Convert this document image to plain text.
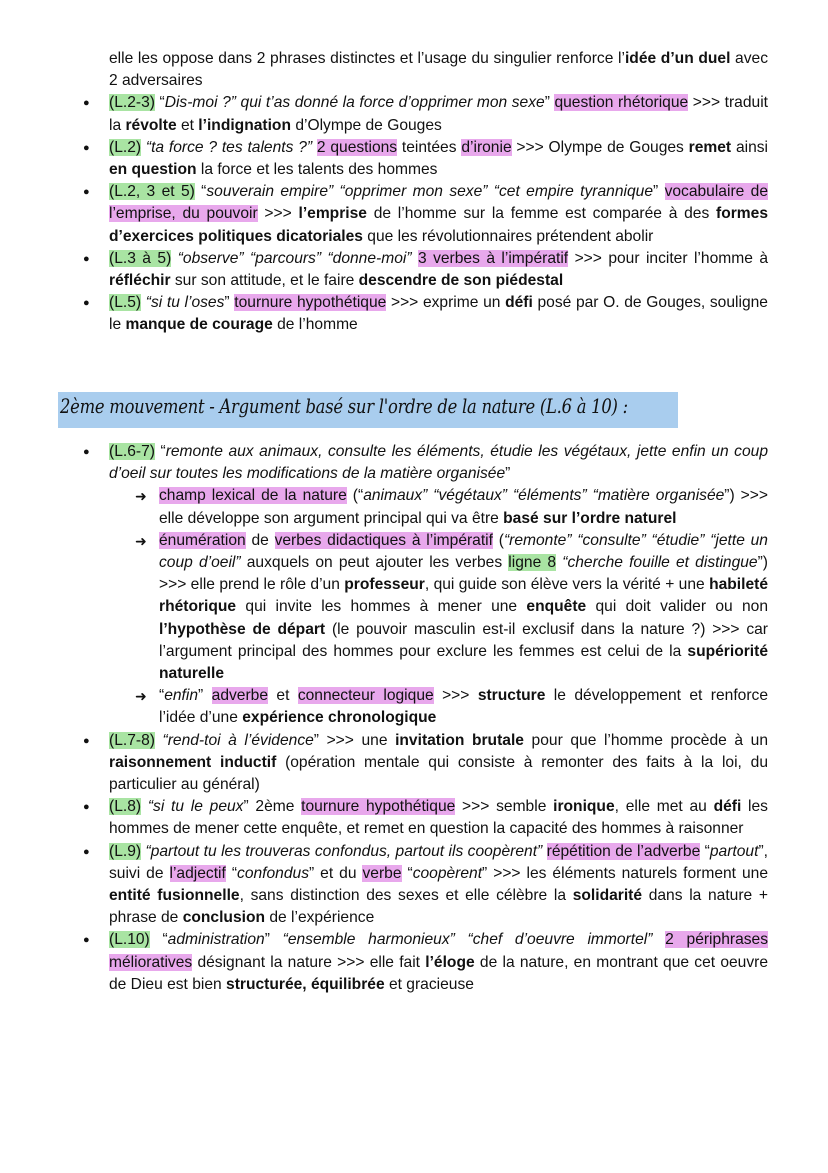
elle les oppose dans 2 phrases distinctes et l’usage du singulier renforce l’idée d’un duel avec 2 adversaires
● (L.2-3) “Dis-moi ?” qui t’as donné la force d’opprimer mon sexe” question rhétorique >>> traduit la révolte et l’indignation d’Olympe de Gouges
● (L.2) “ta force ? tes talents ?” 2 questions teintées d’ironie >>> Olympe de Gouges remet ainsi en question la force et les talents des hommes
● (L.2, 3 et 5) “souverain empire” “opprimer mon sexe” “cet empire tyrannique” vocabulaire de l’emprise, du pouvoir >>> l’emprise de l’homme sur la femme est comparée à des formes d’exercices politiques dicatoriales que les révolutionnaires prétendent abolir
● (L.3 à 5) “observe” “parcours” “donne-moi” 3 verbes à l’impératif >>> pour inciter l’homme à réfléchir sur son attitude, et le faire descendre de son piédestal
● (L.5) “si tu l’oses” tournure hypothétique >>> exprime un défi posé par O. de Gouges, souligne le manque de courage de l’homme
2ème mouvement - Argument basé sur l'ordre de la nature (L.6 à 10) :
● (L.6-7) “remonte aux animaux, consulte les éléments, étudie les végétaux, jette enfin un coup d’oeil sur toutes les modifications de la matière organisée”
➜ champ lexical de la nature (“animaux” “végétaux” “éléments” “matière organisée”) >>> elle développe son argument principal qui va être basé sur l’ordre naturel
➜ énumération de verbes didactiques à l’impératif (“remonte” “consulte” “étudie” “jette un coup d’oeil” auxquels on peut ajouter les verbes ligne 8 “cherche fouille et distingue”) >>> elle prend le rôle d’un professeur, qui guide son élève vers la vérité + une habileté rhétorique qui invite les hommes à mener une enquête qui doit valider ou non l’hypothèse de départ (le pouvoir masculin est-il exclusif dans la nature ?) >>> car l’argument principal des hommes pour exclure les femmes est celui de la supériorité naturelle
➜ “enfin” adverbe et connecteur logique >>> structure le développement et renforce l’idée d’une expérience chronologique
● (L.7-8) “rend-toi à l’évidence” >>> une invitation brutale pour que l’homme procède à un raisonnement inductif (opération mentale qui consiste à remonter des faits à la loi, du particulier au général)
● (L.8) “si tu le peux” 2ème tournure hypothétique >>> semble ironique, elle met au défi les hommes de mener cette enquête, et remet en question la capacité des hommes à raisonner
● (L.9) “partout tu les trouveras confondus, partout ils coopèrent” répétition de l’adverbe “partout”, suivi de l’adjectif “confondus” et du verbe “coopèrent” >>> les éléments naturels forment une entité fusionnelle, sans distinction des sexes et elle célèbre la solidarité dans la nature + phrase de conclusion de l’expérience
● (L.10) “administration” “ensemble harmonieux” “chef d’oeuvre immortel” 2 périphrases mélioratives désignant la nature >>> elle fait l’éloge de la nature, en montrant que cet oeuvre de Dieu est bien structurée, équilibrée et gracieuse
